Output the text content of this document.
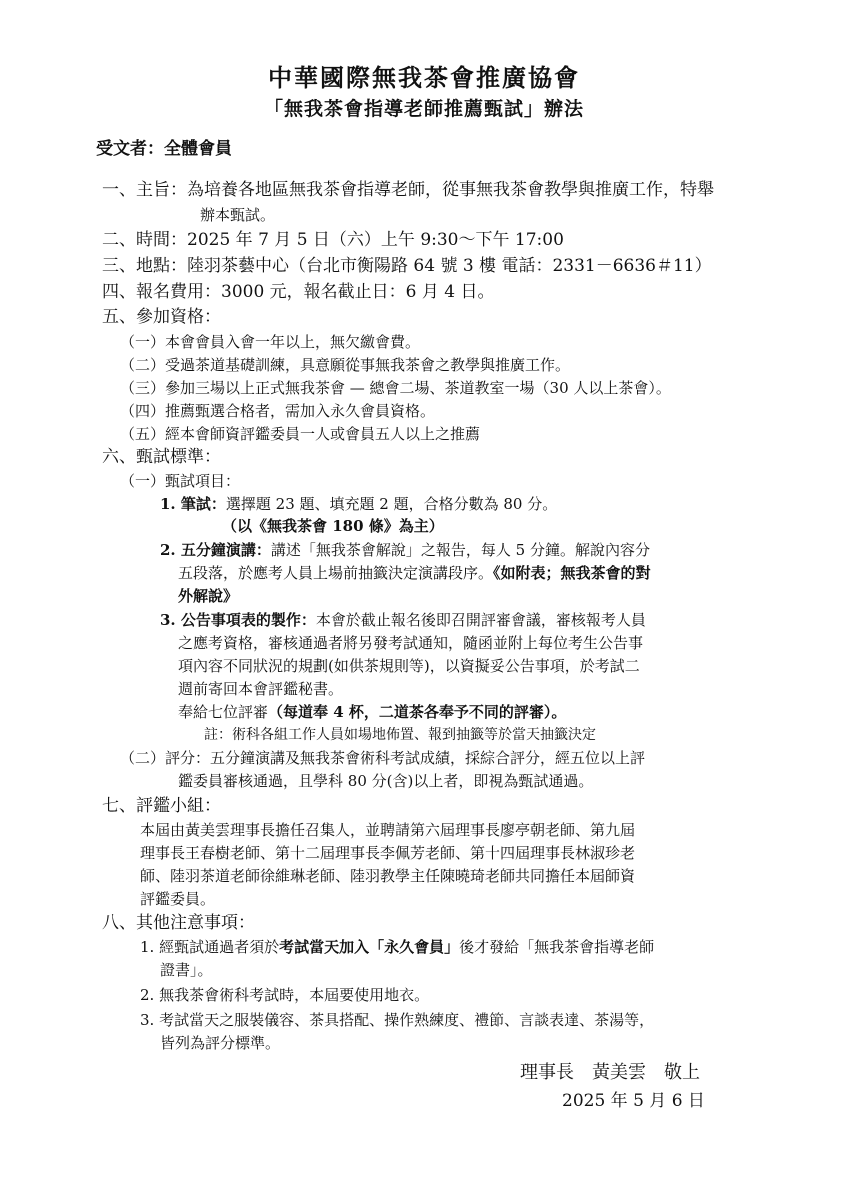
中華國際無我茶會推廣協會
「無我茶會指導老師推薦甄試」辦法
受文者：全體會員
一、主旨：為培養各地區無我茶會指導老師，從事無我茶會教學與推廣工作，特舉
辦本甄試。
二、時間：2025 年 7 月 5 日（六）上午 9:30～下午 17:00
三、地點：陸羽茶藝中心（台北市衡陽路 64 號 3 樓 電話：2331－6636＃11）
四、報名費用：3000 元，報名截止日：6 月 4 日。
五、參加資格：
（一）本會會員入會一年以上，無欠繳會費。
（二）受過茶道基礎訓練，具意願從事無我茶會之教學與推廣工作。
（三）參加三場以上正式無我茶會 — 總會二場、茶道教室一場（30 人以上茶會）。
（四）推薦甄選合格者，需加入永久會員資格。
（五）經本會師資評鑑委員一人或會員五人以上之推薦
六、甄試標準：
（一）甄試項目：
1. 筆試：選擇題 23 題、填充題 2 題，合格分數為 80 分。
（以《無我茶會 180 條》為主）
2. 五分鐘演講：講述「無我茶會解說」之報告，每人 5 分鐘。解說內容分
五段落，於應考人員上場前抽籤決定演講段序。《如附表；無我茶會的對
外解說》
3. 公告事項表的製作：本會於截止報名後即召開評審會議，審核報考人員
之應考資格，審核通過者將另發考試通知，隨函並附上每位考生公告事
項內容不同狀況的規劃(如供茶規則等)，以資擬妥公告事項，於考試二
週前寄回本會評鑑秘書。
奉給七位評審（每道奉 4 杯，二道茶各奉予不同的評審）。
註：術科各組工作人員如場地佈置、報到抽籤等於當天抽籤決定
（二）評分：五分鐘演講及無我茶會術科考試成績，採綜合評分，經五位以上評
鑑委員審核通過，且學科 80 分(含)以上者，即視為甄試通過。
七、評鑑小組：
本屆由黃美雲理事長擔任召集人，並聘請第六屆理事長廖亭朝老師、第九屆
理事長王春樹老師、第十二屆理事長李佩芳老師、第十四屆理事長林淑珍老
師、陸羽茶道老師徐維琳老師、陸羽教學主任陳曉琦老師共同擔任本屆師資
評鑑委員。
八、其他注意事項：
1. 經甄試通過者須於考試當天加入「永久會員」後才發給「無我茶會指導老師
證書」。
2. 無我茶會術科考試時，本屆要使用地衣。
3. 考試當天之服裝儀容、茶具搭配、操作熟練度、禮節、言談表達、茶湯等，
皆列為評分標準。
理事長　黃美雲　敬上
2025 年 5 月 6 日
